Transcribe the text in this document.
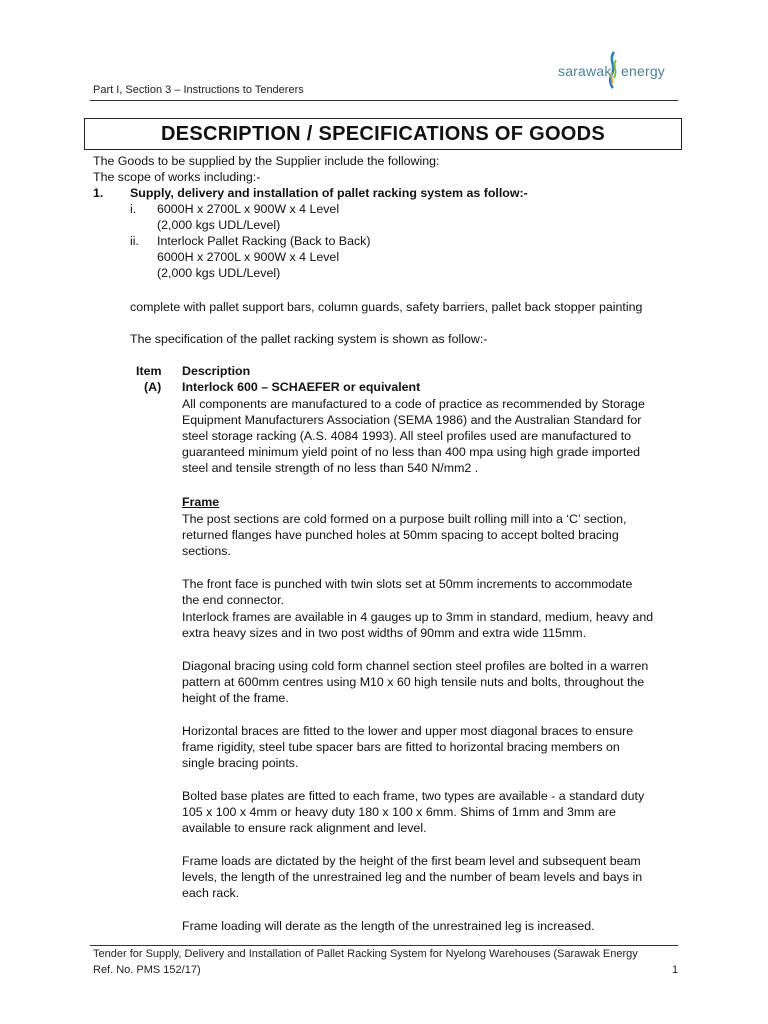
Part I, Section 3 – Instructions to Tenderers
sarawak energy
DESCRIPTION / SPECIFICATIONS OF GOODS
The Goods to be supplied by the Supplier include the following:
The scope of works including:-
1. Supply, delivery and installation of pallet racking system as follow:-
i. 6000H x 2700L x 900W x 4 Level
(2,000 kgs UDL/Level)
ii. Interlock Pallet Racking (Back to Back)
6000H x 2700L x 900W x 4 Level
(2,000 kgs UDL/Level)
complete with pallet support bars, column guards, safety barriers, pallet back stopper painting
The specification of the pallet racking system is shown as follow:-
Item Description
(A) Interlock 600 – SCHAEFER or equivalent
All components are manufactured to a code of practice as recommended by Storage
Equipment Manufacturers Association (SEMA 1986) and the Australian Standard for
steel storage racking (A.S. 4084 1993). All steel profiles used are manufactured to
guaranteed minimum yield point of no less than 400 mpa using high grade imported
steel and tensile strength of no less than 540 N/mm2 .
Frame
The post sections are cold formed on a purpose built rolling mill into a ‘C’ section,
returned flanges have punched holes at 50mm spacing to accept bolted bracing
sections.
The front face is punched with twin slots set at 50mm increments to accommodate
the end connector.
Interlock frames are available in 4 gauges up to 3mm in standard, medium, heavy and
extra heavy sizes and in two post widths of 90mm and extra wide 115mm.
Diagonal bracing using cold form channel section steel profiles are bolted in a warren
pattern at 600mm centres using M10 x 60 high tensile nuts and bolts, throughout the
height of the frame.
Horizontal braces are fitted to the lower and upper most diagonal braces to ensure
frame rigidity, steel tube spacer bars are fitted to horizontal bracing members on
single bracing points.
Bolted base plates are fitted to each frame, two types are available - a standard duty
105 x 100 x 4mm or heavy duty 180 x 100 x 6mm. Shims of 1mm and 3mm are
available to ensure rack alignment and level.
Frame loads are dictated by the height of the first beam level and subsequent beam
levels, the length of the unrestrained leg and the number of beam levels and bays in
each rack.
Frame loading will derate as the length of the unrestrained leg is increased.
Tender for Supply, Delivery and Installation of Pallet Racking System for Nyelong Warehouses (Sarawak Energy
Ref. No. PMS 152/17)	1
